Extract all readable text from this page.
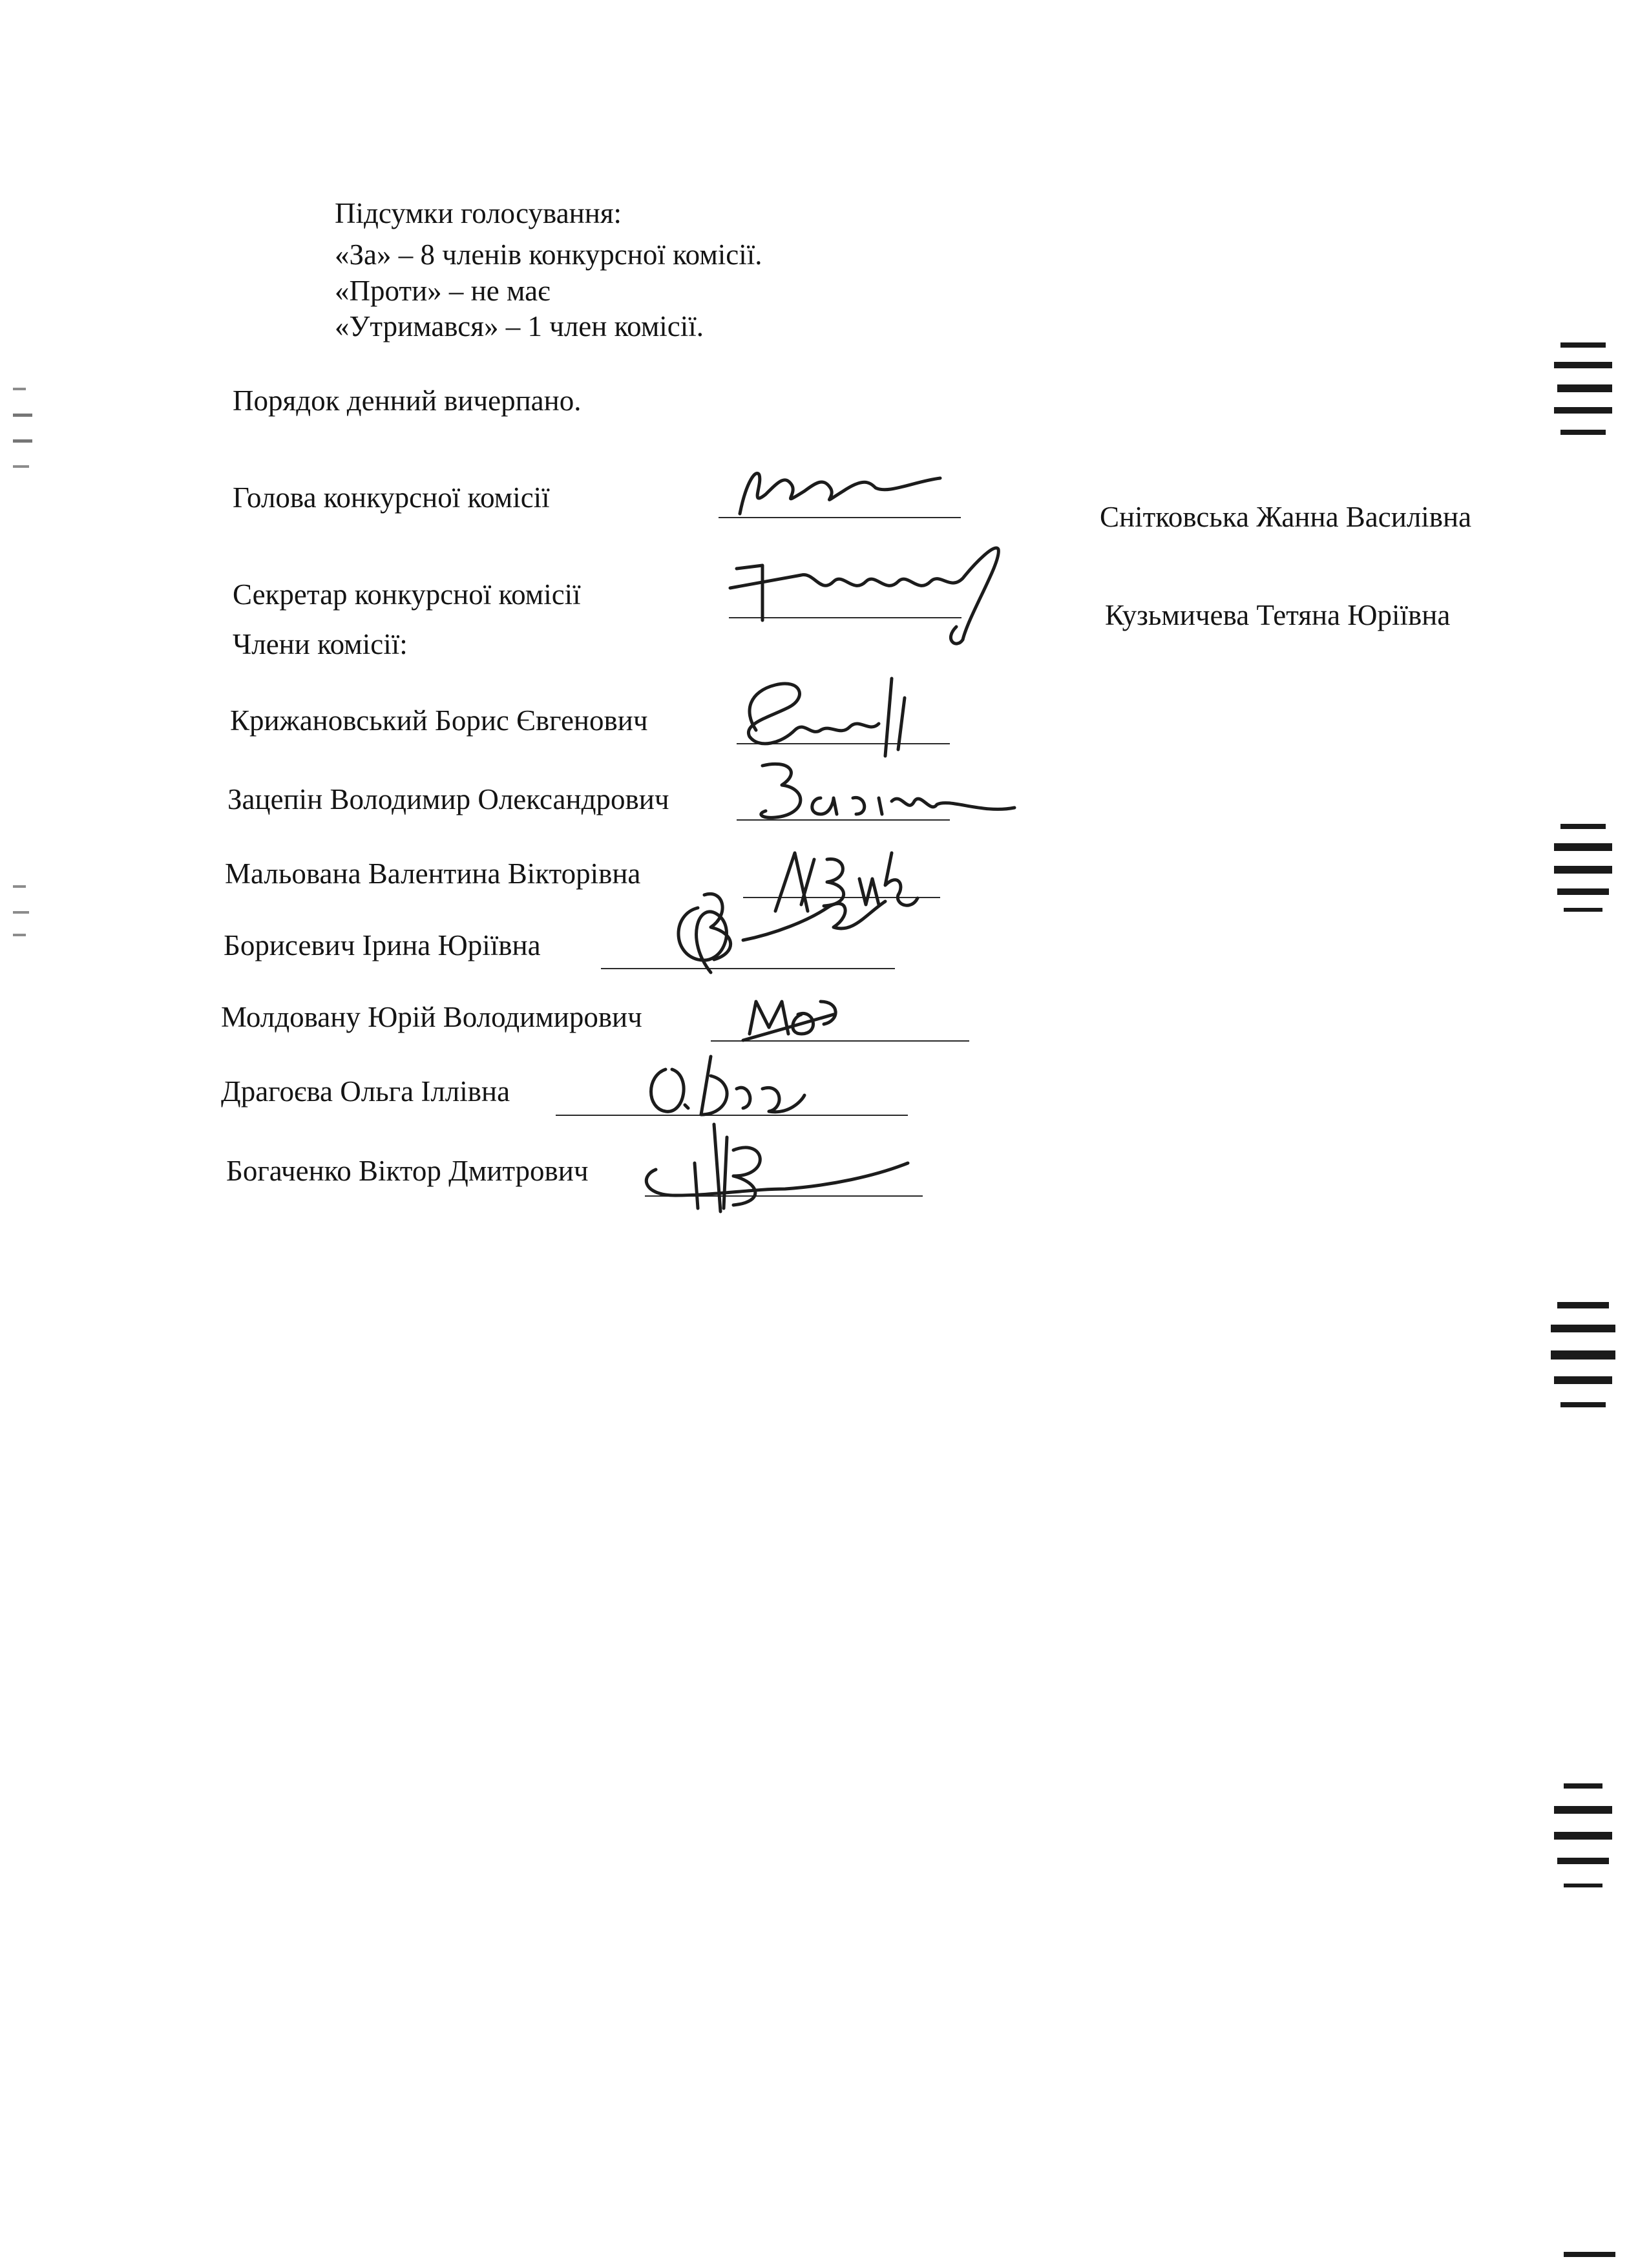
Підсумки голосування:
«За» – 8 членів конкурсної комісії.
«Проти» – не має
«Утримався» – 1 член комісії.
Порядок денний вичерпано.
Голова конкурсної комісії
Снітковська Жанна Василівна
Секретар конкурсної комісії
Кузьмичева Тетяна Юріївна
Члени комісії:
Крижановський Борис Євгенович
Зацепін Володимир Олександрович
Мальована Валентина Вікторівна
Борисевич Ірина Юріївна
Молдовану Юрій Володимирович
Драгоєва Ольга Іллівна
Богаченко Віктор Дмитрович
